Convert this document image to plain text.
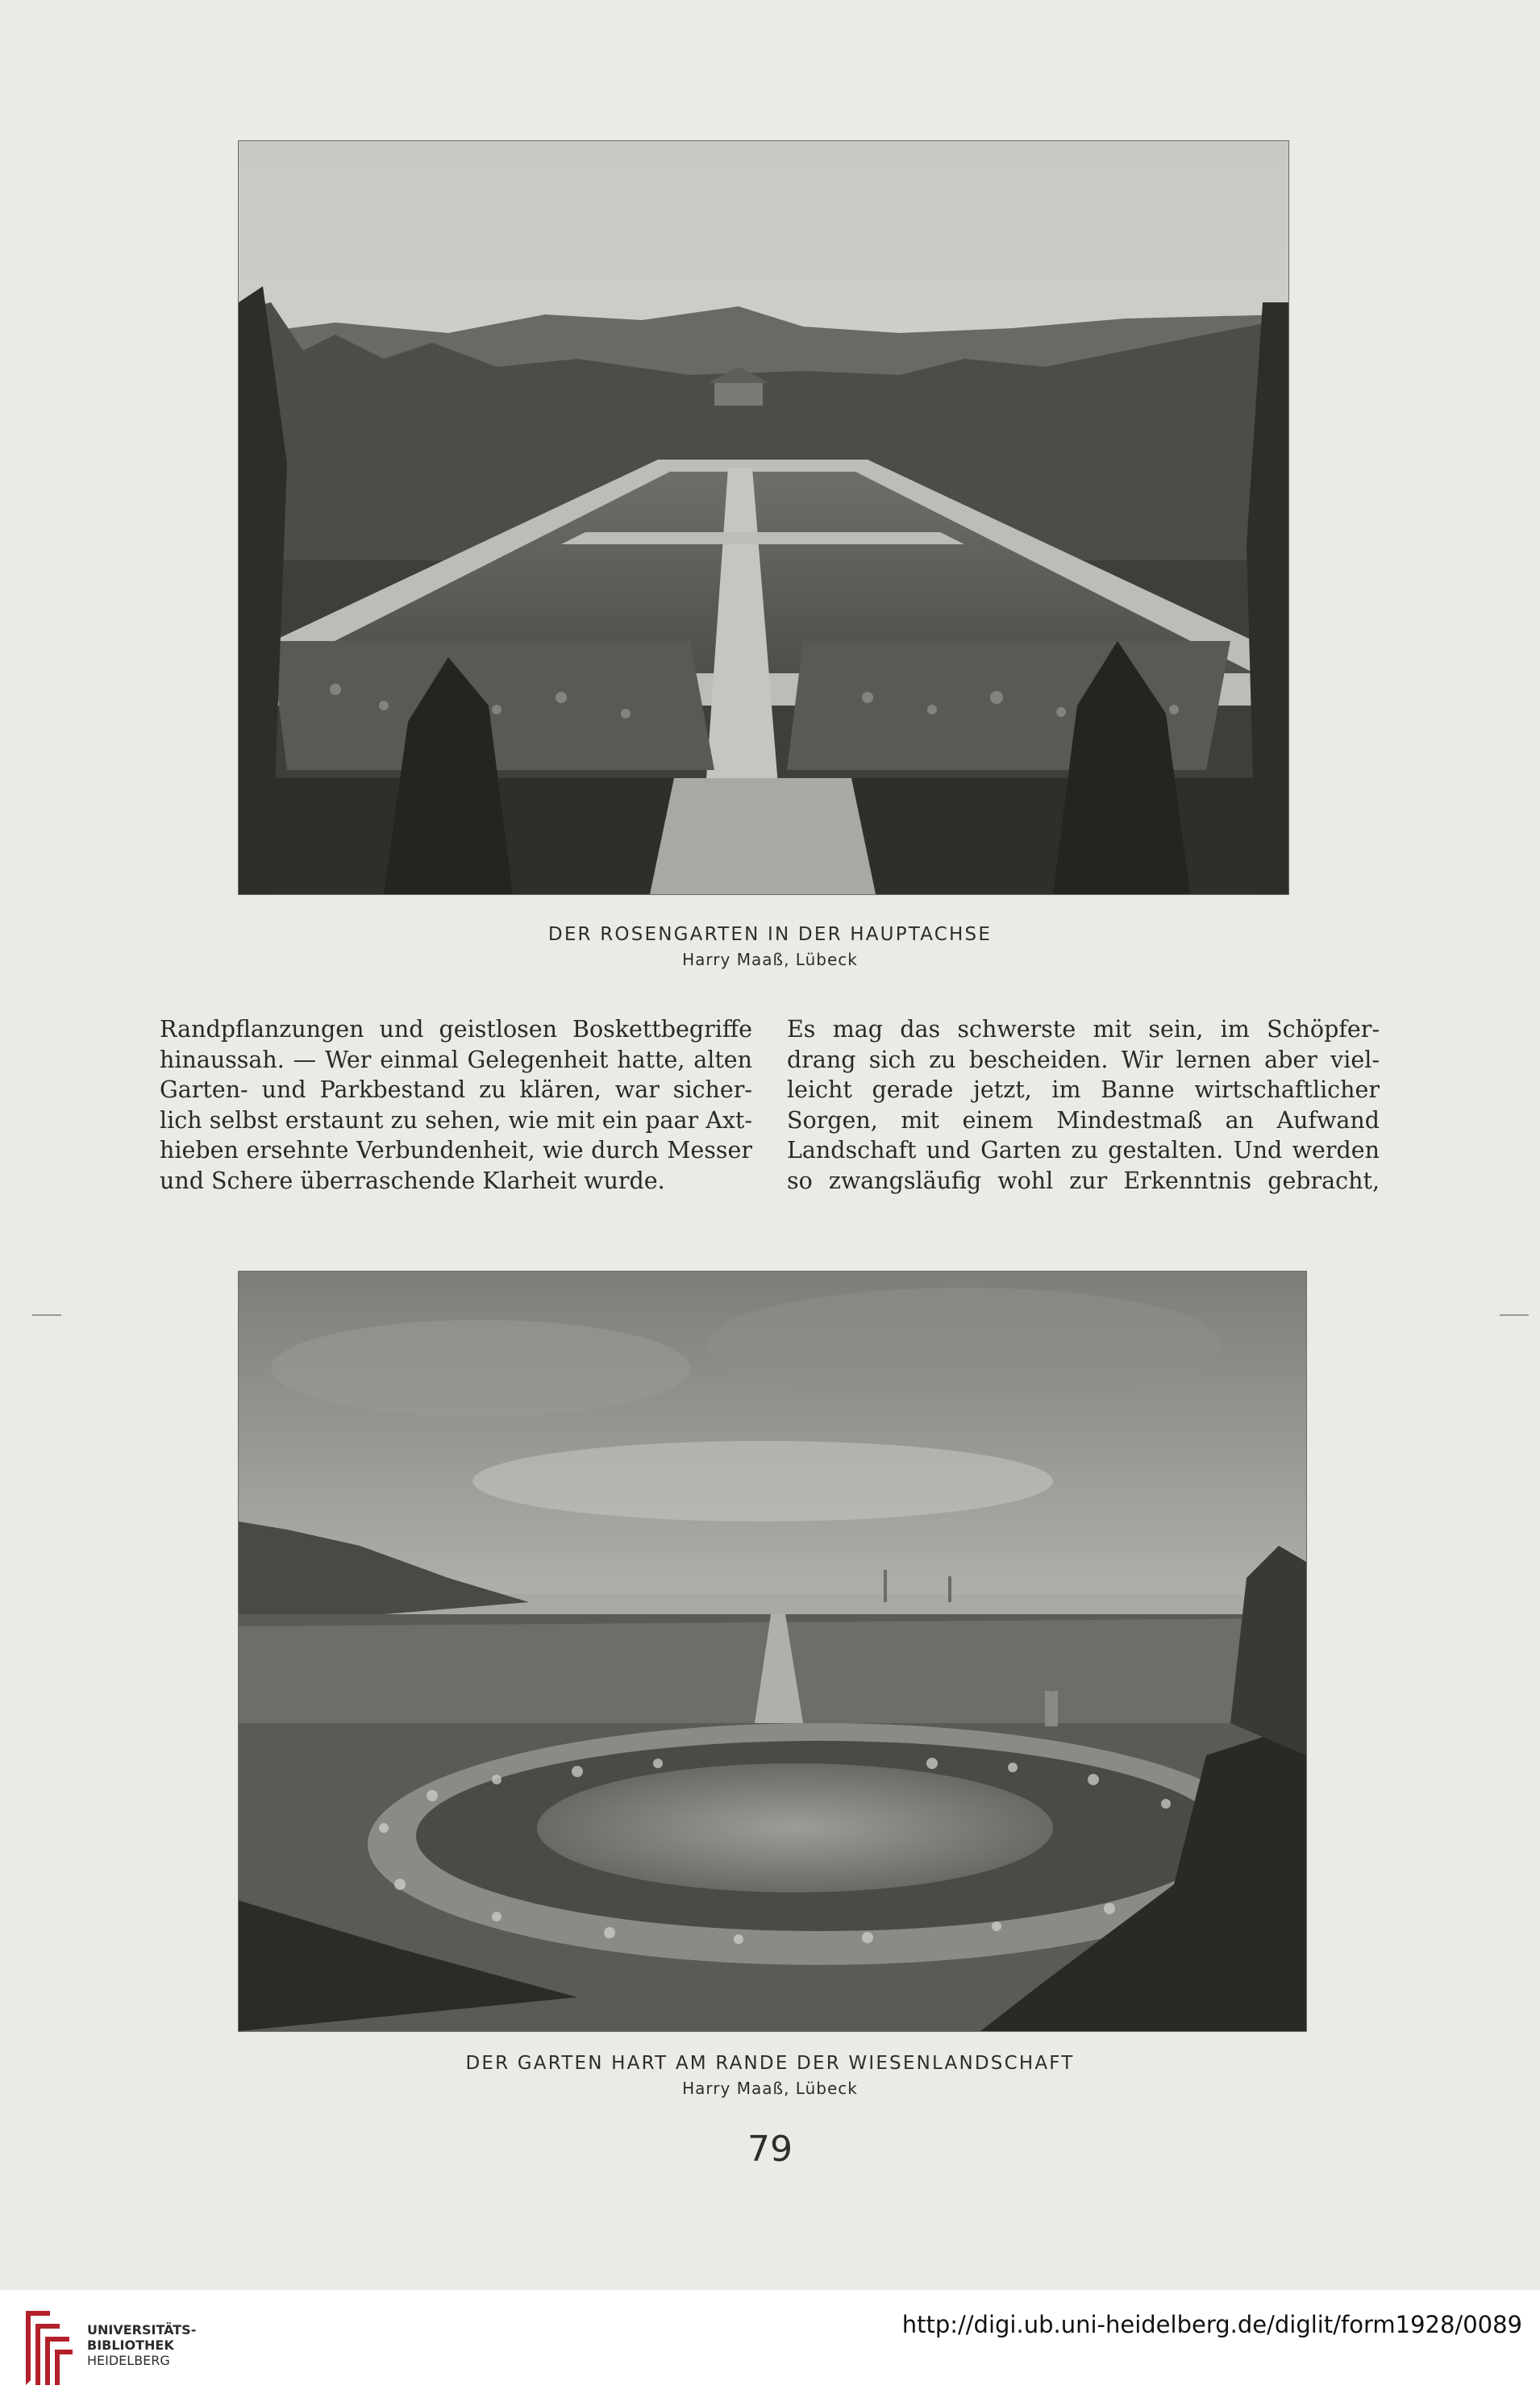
DER ROSENGARTEN IN DER HAUPTACHSE
Harry Maaß, Lübeck
Randpflanzungen und geistlosen Boskettbegriffe
hinaussah. — Wer einmal Gelegenheit hatte, alten
Garten- und Parkbestand zu klären, war sicher-
lich selbst erstaunt zu sehen, wie mit ein paar Axt-
hieben ersehnte Verbundenheit, wie durch Messer
und Schere überraschende Klarheit wurde.
Es mag das schwerste mit sein, im Schöpfer-
drang sich zu bescheiden. Wir lernen aber viel-
leicht gerade jetzt, im Banne wirtschaftlicher
Sorgen, mit einem Mindestmaß an Aufwand
Landschaft und Garten zu gestalten. Und werden
so zwangsläufig wohl zur Erkenntnis gebracht,
DER GARTEN HART AM RANDE DER WIESENLANDSCHAFT
Harry Maaß, Lübeck
79
UNIVERSITÄTS-
BIBLIOTHEK
HEIDELBERG
http://digi.ub.uni-heidelberg.de/diglit/form1928/0089
